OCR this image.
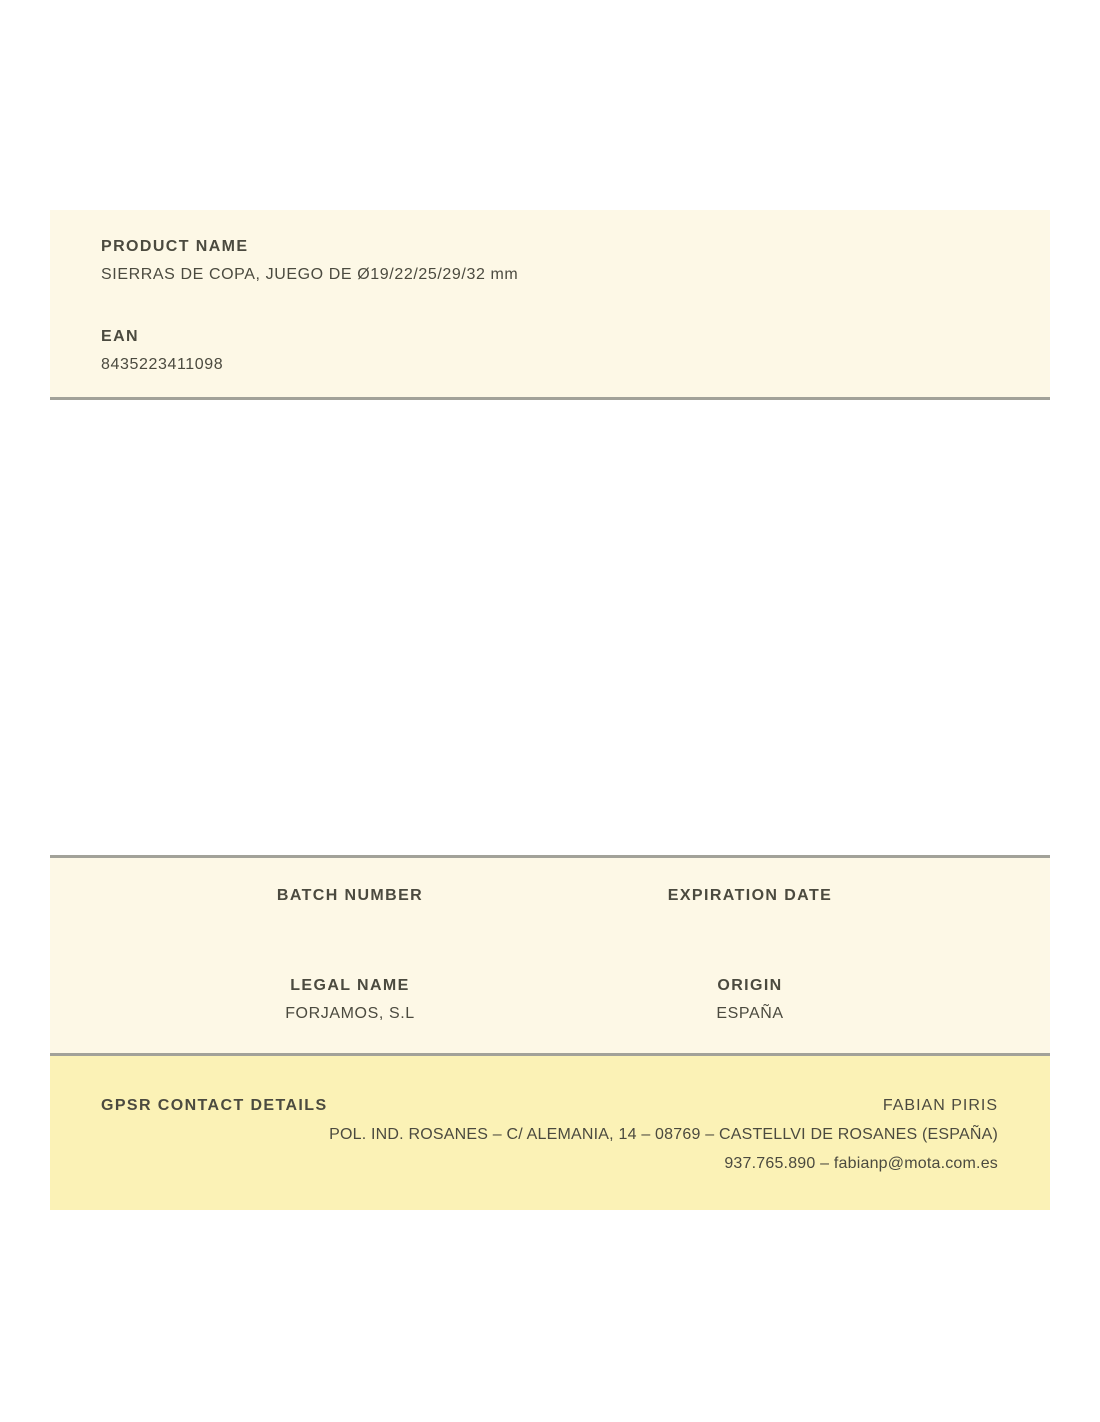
PRODUCT NAME
SIERRAS DE COPA, JUEGO DE Ø19/22/25/29/32 mm
EAN
8435223411098
BATCH NUMBER	EXPIRATION DATE
LEGAL NAME
FORJAMOS, S.L
ORIGIN
ESPAÑA
GPSR CONTACT DETAILS	FABIAN PIRIS
POL. IND. ROSANES – C/ ALEMANIA, 14 – 08769 – CASTELLVI DE ROSANES (ESPAÑA)
937.765.890 – fabianp@mota.com.es
